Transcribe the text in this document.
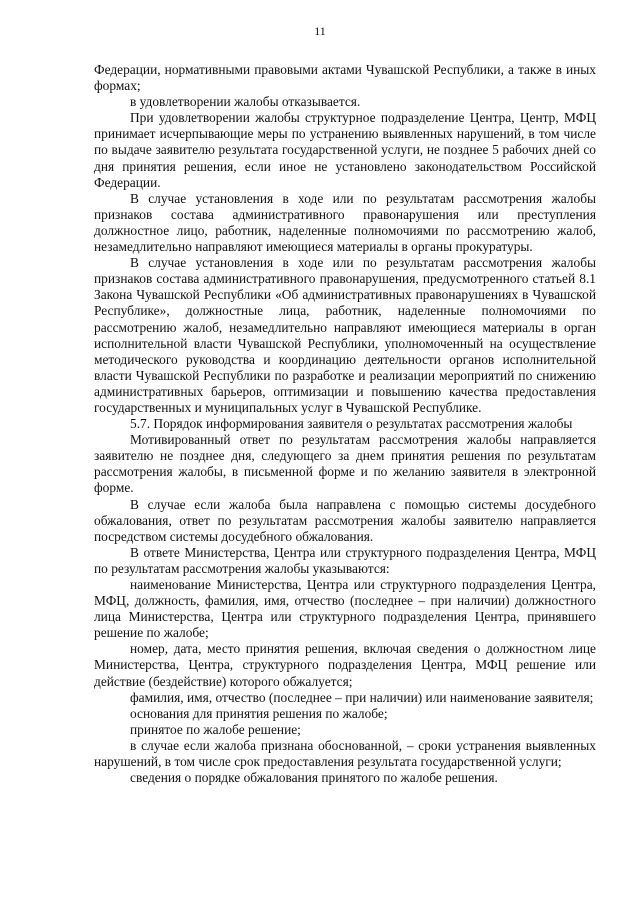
11

Федерации, нормативными правовыми актами Чувашской Республики, а также в иных формах;

в удовлетворении жалобы отказывается.

При удовлетворении жалобы структурное подразделение Центра, Центр, МФЦ принимает исчерпывающие меры по устранению выявленных нарушений, в том числе по выдаче заявителю результата государственной услуги, не позднее 5 рабочих дней со дня принятия решения, если иное не установлено законодательством Российской Федерации.

В случае установления в ходе или по результатам рассмотрения жалобы признаков состава административного правонарушения или преступления должностное лицо, работник, наделенные полномочиями по рассмотрению жалоб, незамедлительно направляют имеющиеся материалы в органы прокуратуры.

В случае установления в ходе или по результатам рассмотрения жалобы признаков состава административного правонарушения, предусмотренного статьей 8.1 Закона Чувашской Республики «Об административных правонарушениях в Чувашской Республике», должностные лица, работник, наделенные полномочиями по рассмотрению жалоб, незамедлительно направляют имеющиеся материалы в орган исполнительной власти Чувашской Республики, уполномоченный на осуществление методического руководства и координацию деятельности органов исполнительной власти Чувашской Республики по разработке и реализации мероприятий по снижению административных барьеров, оптимизации и повышению качества предоставления государственных и муниципальных услуг в Чувашской Республике.

5.7. Порядок информирования заявителя о результатах рассмотрения жалобы

Мотивированный ответ по результатам рассмотрения жалобы направляется заявителю не позднее дня, следующего за днем принятия решения по результатам рассмотрения жалобы, в письменной форме и по желанию заявителя в электронной форме.

В случае если жалоба была направлена с помощью системы досудебного обжалования, ответ по результатам рассмотрения жалобы заявителю направляется посредством системы досудебного обжалования.

В ответе Министерства, Центра или структурного подразделения Центра, МФЦ по результатам рассмотрения жалобы указываются:

наименование Министерства, Центра или структурного подразделения Центра, МФЦ, должность, фамилия, имя, отчество (последнее – при наличии) должностного лица Министерства, Центра или структурного подразделения Центра, принявшего решение по жалобе;

номер, дата, место принятия решения, включая сведения о должностном лице Министерства, Центра, структурного подразделения Центра, МФЦ решение или действие (бездействие) которого обжалуется;

фамилия, имя, отчество (последнее – при наличии) или наименование заявителя;

основания для принятия решения по жалобе;

принятое по жалобе решение;

в случае если жалоба признана обоснованной, – сроки устранения выявленных нарушений, в том числе срок предоставления результата государственной услуги;

сведения о порядке обжалования принятого по жалобе решения.
